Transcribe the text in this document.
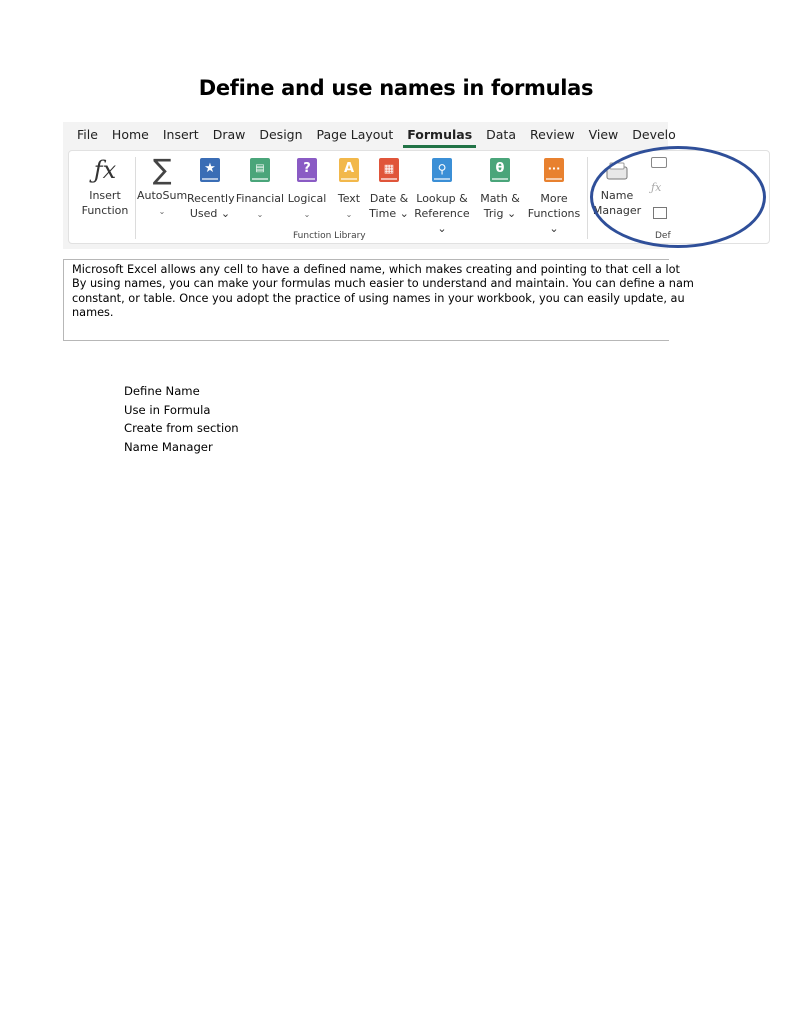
Define and use names in formulas
File Home Insert Draw Design Page Layout Formulas Data Review View Develo
ƒx
Insert
Function
∑
AutoSum
⌄
★
Recently
Used ⌄
▤
Financial
⌄
?
Logical
⌄
A
Text
⌄
▦
Date &
Time ⌄
⚲
Lookup &
Reference ⌄
θ
Math &
Trig ⌄
···
More
Functions ⌄
Function Library
Name
Manager
ƒx
Def

Microsoft Excel allows any cell to have a defined name, which makes creating and pointing to that cell a lot
By using names, you can make your formulas much easier to understand and maintain. You can define a nam
constant, or table. Once you adopt the practice of using names in your workbook, you can easily update, au
names.

Define Name
Use in Formula
Create from section
Name Manager
